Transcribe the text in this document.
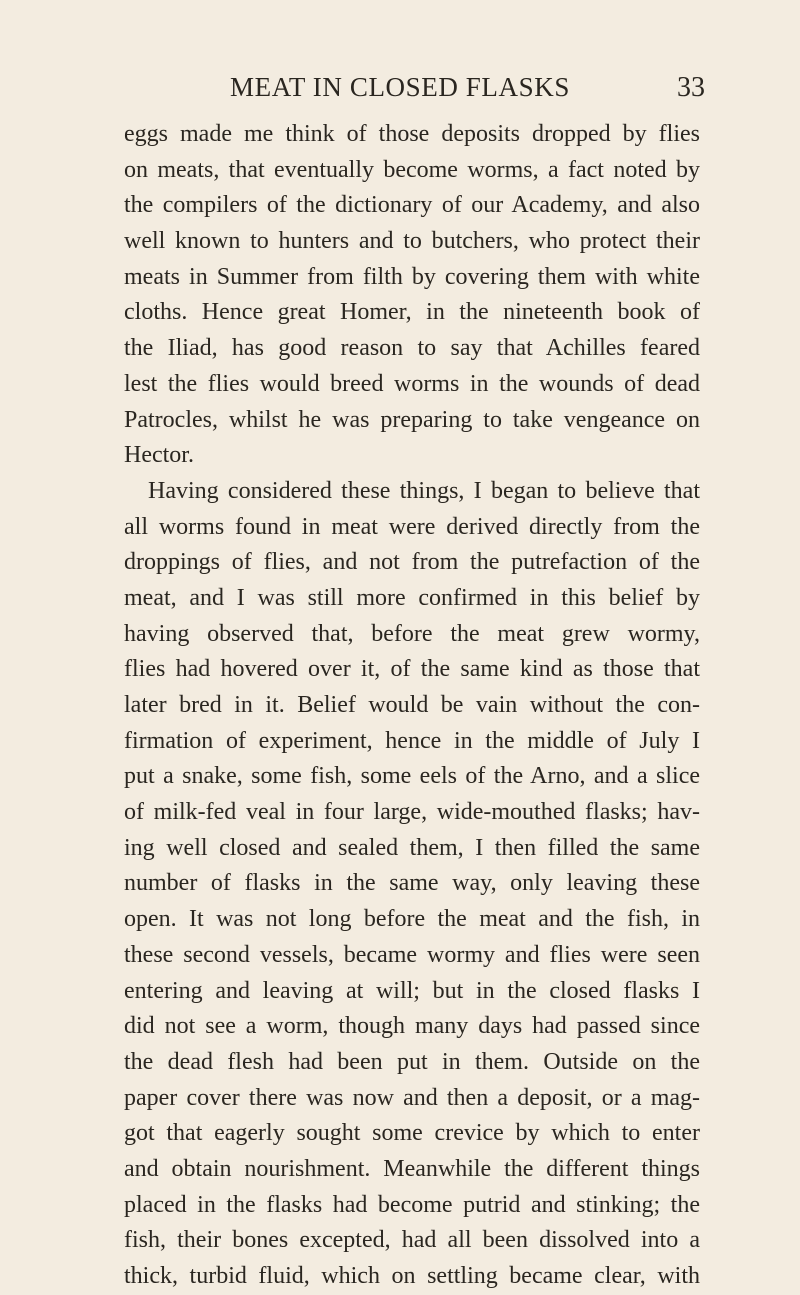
MEAT IN CLOSED FLASKS	33
eggs made me think of those deposits dropped by flies
on meats, that eventually become worms, a fact noted by
the compilers of the dictionary of our Academy, and also
well known to hunters and to butchers, who protect their
meats in Summer from filth by covering them with white
cloths. Hence great Homer, in the nineteenth book of
the Iliad, has good reason to say that Achilles feared
lest the flies would breed worms in the wounds of dead
Patrocles, whilst he was preparing to take vengeance on
Hector.
Having considered these things, I began to believe that
all worms found in meat were derived directly from the
droppings of flies, and not from the putrefaction of the
meat, and I was still more confirmed in this belief by
having observed that, before the meat grew wormy,
flies had hovered over it, of the same kind as those that
later bred in it. Belief would be vain without the con-
firmation of experiment, hence in the middle of July I
put a snake, some fish, some eels of the Arno, and a slice
of milk-fed veal in four large, wide-mouthed flasks; hav-
ing well closed and sealed them, I then filled the same
number of flasks in the same way, only leaving these
open. It was not long before the meat and the fish, in
these second vessels, became wormy and flies were seen
entering and leaving at will; but in the closed flasks I
did not see a worm, though many days had passed since
the dead flesh had been put in them. Outside on the
paper cover there was now and then a deposit, or a mag-
got that eagerly sought some crevice by which to enter
and obtain nourishment. Meanwhile the different things
placed in the flasks had become putrid and stinking; the
fish, their bones excepted, had all been dissolved into a
thick, turbid fluid, which on settling became clear, with
